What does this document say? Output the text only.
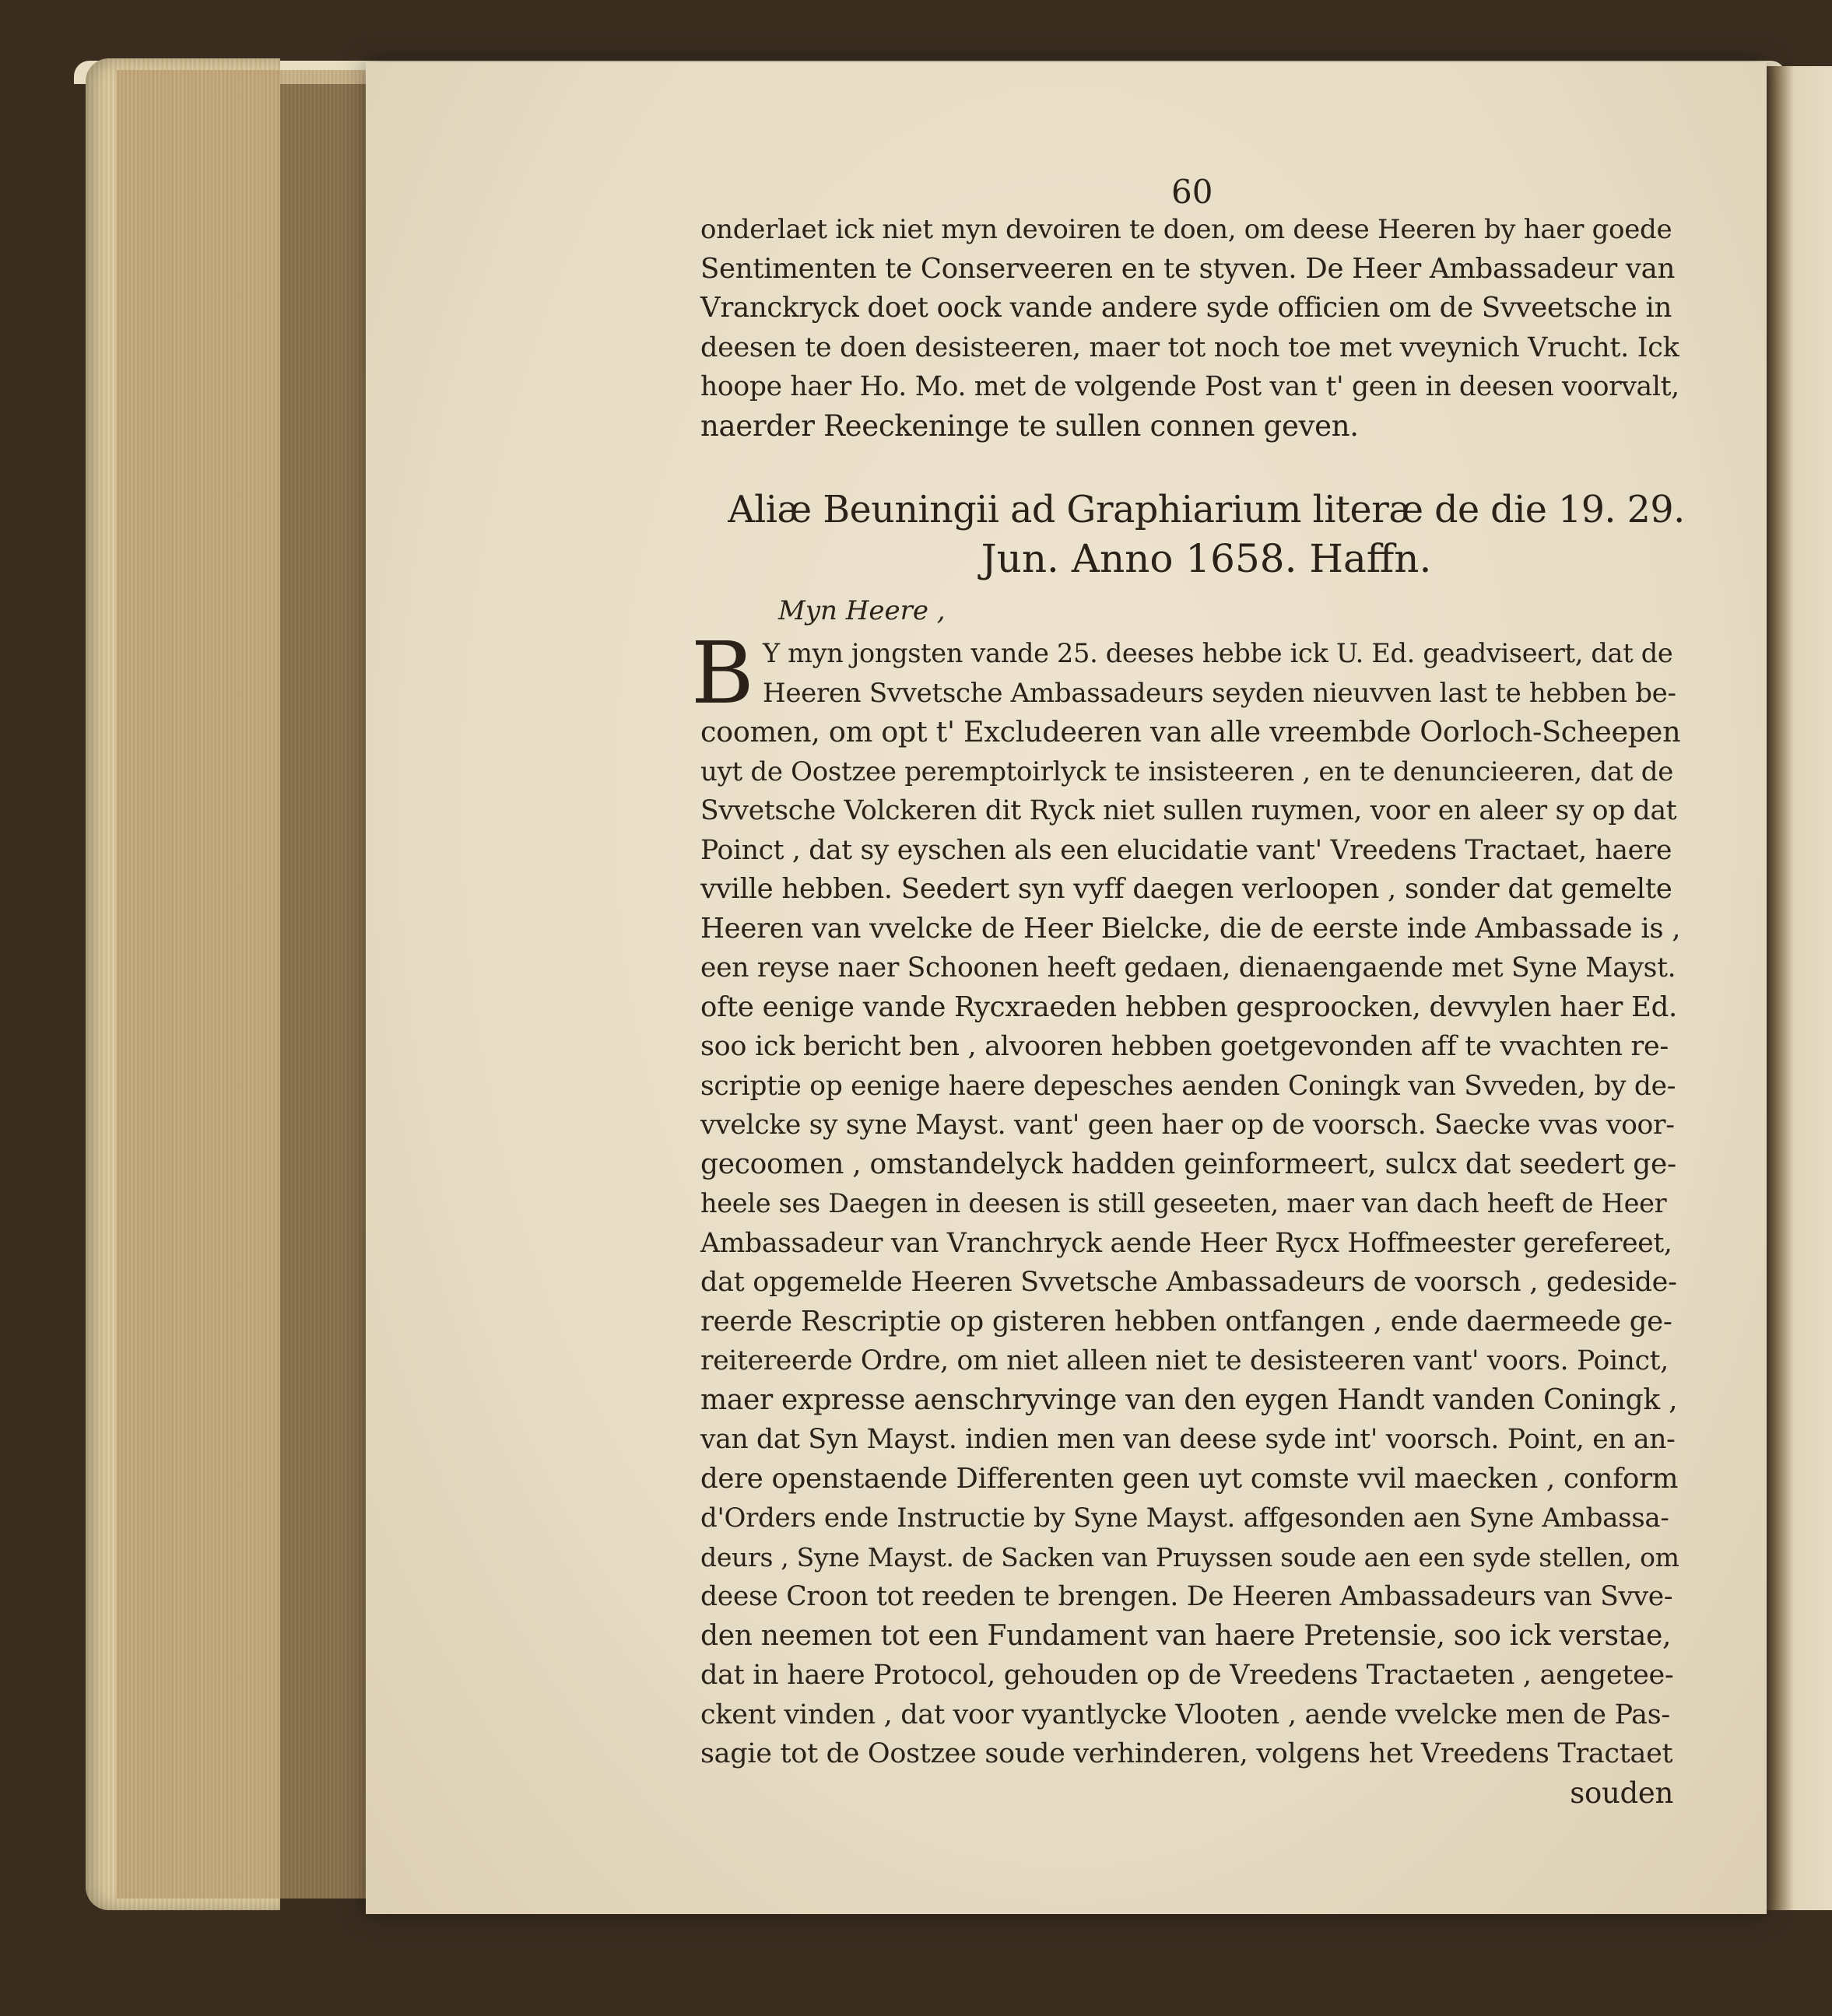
60
onderlaet ick niet myn devoiren te doen, om deese Heeren by haer goede
Sentimenten te Conserveeren en te styven. De Heer Ambassadeur van
Vranckryck doet oock vande andere syde officien om de Svveetsche in
deesen te doen desisteeren, maer tot noch toe met vveynich Vrucht. Ick
hoope haer Ho. Mo. met de volgende Post van t' geen in deesen voorvalt,
naerder Reeckeninge te sullen connen geven.
Aliæ Beuningii ad Graphiarium literæ de die 19. 29.
Jun. Anno 1658. Haffn.
Myn Heere ,
B Y myn jongsten vande 25. deeses hebbe ick U. Ed. geadviseert, dat de
Heeren Svvetsche Ambassadeurs seyden nieuvven last te hebben be-
coomen, om opt t' Excludeeren van alle vreembde Oorloch-Scheepen
uyt de Oostzee peremptoirlyck te insisteeren , en te denuncieeren, dat de
Svvetsche Volckeren dit Ryck niet sullen ruymen, voor en aleer sy op dat
Poinct , dat sy eyschen als een elucidatie vant' Vreedens Tractaet, haere
vville hebben. Seedert syn vyff daegen verloopen , sonder dat gemelte
Heeren van vvelcke de Heer Bielcke, die de eerste inde Ambassade is ,
een reyse naer Schoonen heeft gedaen, dienaengaende met Syne Mayst.
ofte eenige vande Rycxraeden hebben gesproocken, devvylen haer Ed.
soo ick bericht ben , alvooren hebben goetgevonden aff te vvachten re-
scriptie op eenige haere depesches aenden Coningk van Svveden, by de-
vvelcke sy syne Mayst. vant' geen haer op de voorsch. Saecke vvas voor-
gecoomen , omstandelyck hadden geinformeert, sulcx dat seedert ge-
heele ses Daegen in deesen is still geseeten, maer van dach heeft de Heer
Ambassadeur van Vranchryck aende Heer Rycx Hoffmeester gerefereet,
dat opgemelde Heeren Svvetsche Ambassadeurs de voorsch , gedeside-
reerde Rescriptie op gisteren hebben ontfangen , ende daermeede ge-
reitereerde Ordre, om niet alleen niet te desisteeren vant' voors. Poinct,
maer expresse aenschryvinge van den eygen Handt vanden Coningk ,
van dat Syn Mayst. indien men van deese syde int' voorsch. Point, en an-
dere openstaende Differenten geen uyt comste vvil maecken , conform
d'Orders ende Instructie by Syne Mayst. affgesonden aen Syne Ambassa-
deurs , Syne Mayst. de Sacken van Pruyssen soude aen een syde stellen, om
deese Croon tot reeden te brengen. De Heeren Ambassadeurs van Svve-
den neemen tot een Fundament van haere Pretensie, soo ick verstae,
dat in haere Protocol, gehouden op de Vreedens Tractaeten , aengetee-
ckent vinden , dat voor vyantlycke Vlooten , aende vvelcke men de Pas-
sagie tot de Oostzee soude verhinderen, volgens het Vreedens Tractaet
souden
